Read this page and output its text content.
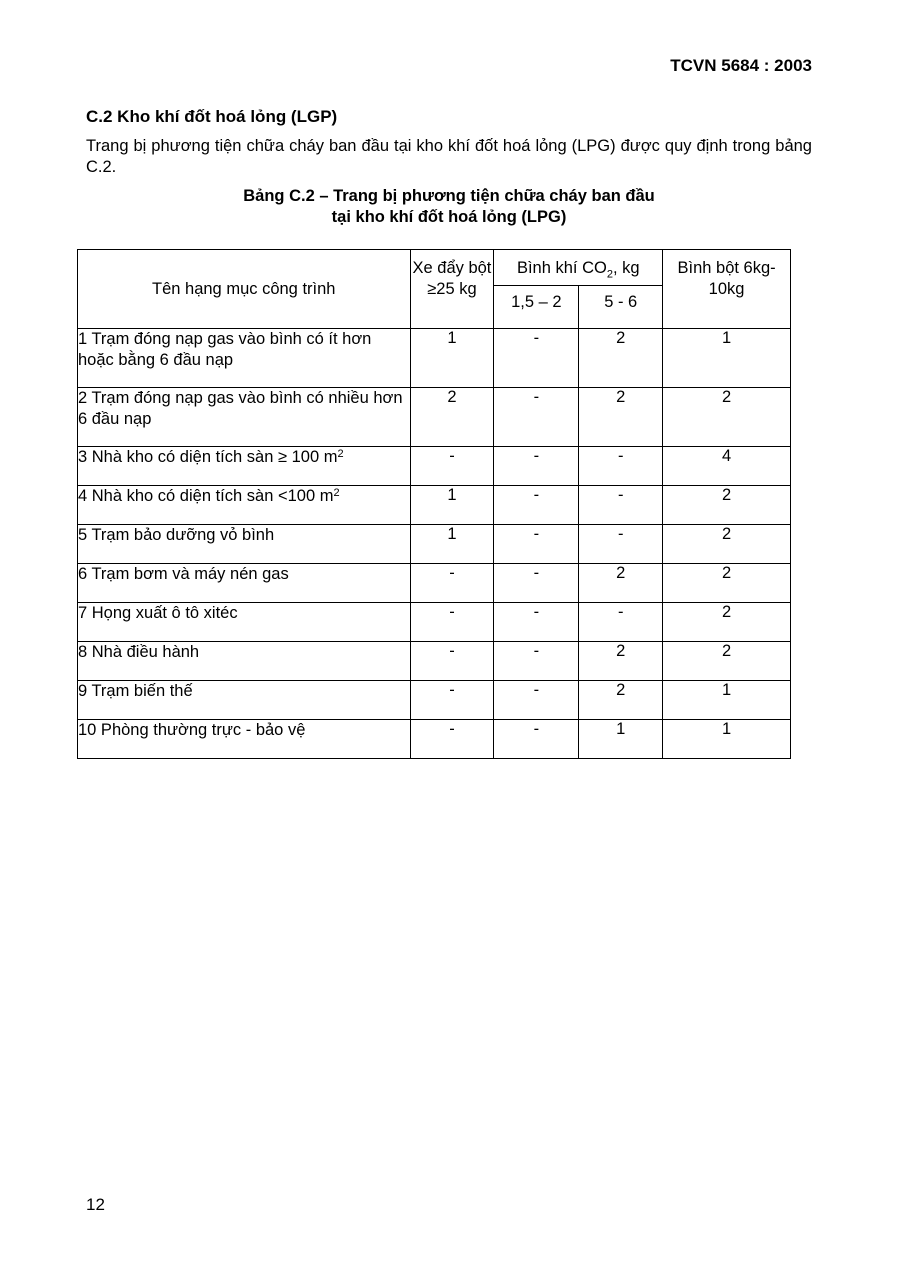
TCVN 5684 : 2003
C.2 Kho khí đốt hoá lỏng (LGP)
Trang bị phương tiện chữa cháy ban đầu tại kho khí đốt hoá lỏng (LPG) được quy định trong bảng C.2.
Bảng C.2 – Trang bị phương tiện chữa cháy ban đầu
tại kho khí đốt hoá lỏng (LPG)
Tên hạng mục công trình	Xe đẩy bột ≥25 kg	Bình khí $CO_2$, kg		Bình bột 6kg-10kg
		1,5 – 2	5 - 6	
1 Trạm đóng nạp gas vào bình có ít hơn hoặc bằng 6 đầu nạp	1	-	2	1
2 Trạm đóng nạp gas vào bình có nhiều hơn 6 đầu nạp	2	-	2	2
3 Nhà kho có diện tích sàn ≥ 100 $m^2$	-	-	-	4
4 Nhà kho có diện tích sàn <100 $m^2$	1	-	-	2
5 Trạm bảo dưỡng vỏ bình	1	-	-	2
6 Trạm bơm và máy nén gas	-	-	2	2
7 Họng xuất ô tô xitéc	-	-	-	2
8 Nhà điều hành	-	-	2	2
9 Trạm biến thế	-	-	2	1
10 Phòng thường trực - bảo vệ	-	-	1	1
12
